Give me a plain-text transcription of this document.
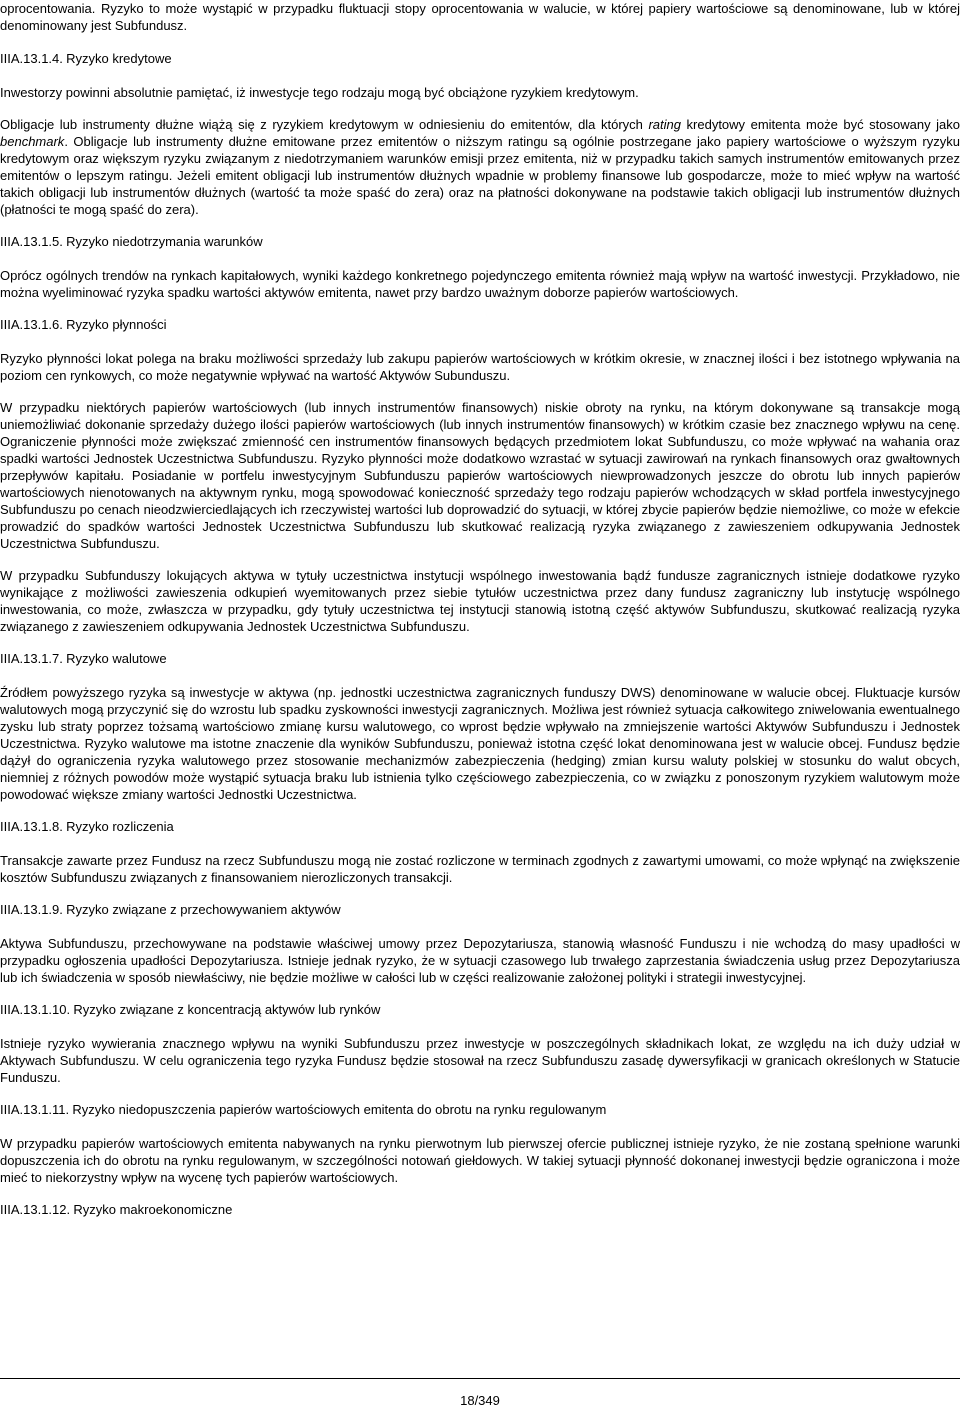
oprocentowania. Ryzyko to może wystąpić w przypadku fluktuacji stopy oprocentowania w walucie, w której papiery wartościowe są denominowane, lub w której denominowany jest Subfundusz.

IIIA.13.1.4. Ryzyko kredytowe

Inwestorzy powinni absolutnie pamiętać, iż inwestycje tego rodzaju mogą być obciążone ryzykiem kredytowym.

Obligacje lub instrumenty dłużne wiążą się z ryzykiem kredytowym w odniesieniu do emitentów, dla których rating kredytowy emitenta może być stosowany jako benchmark. Obligacje lub instrumenty dłużne emitowane przez emitentów o niższym ratingu są ogólnie postrzegane jako papiery wartościowe o wyższym ryzyku kredytowym oraz większym ryzyku związanym z niedotrzymaniem warunków emisji przez emitenta, niż w przypadku takich samych instrumentów emitowanych przez emitentów o lepszym ratingu. Jeżeli emitent obligacji lub instrumentów dłużnych wpadnie w problemy finansowe lub gospodarcze, może to mieć wpływ na wartość takich obligacji lub instrumentów dłużnych (wartość ta może spaść do zera) oraz na płatności dokonywane na podstawie takich obligacji lub instrumentów dłużnych (płatności te mogą spaść do zera).

IIIA.13.1.5. Ryzyko niedotrzymania warunków

Oprócz ogólnych trendów na rynkach kapitałowych, wyniki każdego konkretnego pojedynczego emitenta również mają wpływ na wartość inwestycji. Przykładowo, nie można wyeliminować ryzyka spadku wartości aktywów emitenta, nawet przy bardzo uważnym doborze papierów wartościowych.

IIIA.13.1.6. Ryzyko płynności

Ryzyko płynności lokat polega na braku możliwości sprzedaży lub zakupu papierów wartościowych w krótkim okresie, w znacznej ilości i bez istotnego wpływania na poziom cen rynkowych, co może negatywnie wpływać na wartość Aktywów Subunduszu.

W przypadku niektórych papierów wartościowych (lub innych instrumentów finansowych) niskie obroty na rynku, na którym dokonywane są transakcje mogą uniemożliwiać dokonanie sprzedaży dużego ilości papierów wartościowych (lub innych instrumentów finansowych) w krótkim czasie bez znacznego wpływu na cenę. Ograniczenie płynności może zwiększać zmienność cen instrumentów finansowych będących przedmiotem lokat Subfunduszu, co może wpływać na wahania oraz spadki wartości Jednostek Uczestnictwa Subfunduszu. Ryzyko płynności może dodatkowo wzrastać w sytuacji zawirowań na rynkach finansowych oraz gwałtownych przepływów kapitału. Posiadanie w portfelu inwestycyjnym Subfunduszu papierów wartościowych niewprowadzonych jeszcze do obrotu lub innych papierów wartościowych nienotowanych na aktywnym rynku, mogą spowodować konieczność sprzedaży tego rodzaju papierów wchodzących w skład portfela inwestycyjnego Subfunduszu po cenach nieodzwierciedlających ich rzeczywistej wartości lub doprowadzić do sytuacji, w której zbycie papierów będzie niemożliwe, co może w efekcie prowadzić do spadków wartości Jednostek Uczestnictwa Subfunduszu lub skutkować realizacją ryzyka związanego z zawieszeniem odkupywania Jednostek Uczestnictwa Subfunduszu.

W przypadku Subfunduszy lokujących aktywa w tytuły uczestnictwa instytucji wspólnego inwestowania bądź fundusze zagranicznych istnieje dodatkowe ryzyko wynikające z możliwości zawieszenia odkupień wyemitowanych przez siebie tytułów uczestnictwa przez dany fundusz zagraniczny lub instytucję wspólnego inwestowania, co może, zwłaszcza w przypadku, gdy tytuły uczestnictwa tej instytucji stanowią istotną część aktywów Subfunduszu, skutkować realizacją ryzyka związanego z zawieszeniem odkupywania Jednostek Uczestnictwa Subfunduszu.

IIIA.13.1.7. Ryzyko walutowe

Źródłem powyższego ryzyka są inwestycje w aktywa (np. jednostki uczestnictwa zagranicznych funduszy DWS) denominowane w walucie obcej. Fluktuacje kursów walutowych mogą przyczynić się do wzrostu lub spadku zyskowności inwestycji zagranicznych. Możliwa jest również sytuacja całkowitego zniwelowania ewentualnego zysku lub straty poprzez tożsamą wartościowo zmianę kursu walutowego, co wprost będzie wpływało na zmniejszenie wartości Aktywów Subfunduszu i Jednostek Uczestnictwa. Ryzyko walutowe ma istotne znaczenie dla wyników Subfunduszu, ponieważ istotna część lokat denominowana jest w walucie obcej. Fundusz będzie dążył do ograniczenia ryzyka walutowego przez stosowanie mechanizmów zabezpieczenia (hedging) zmian kursu waluty polskiej w stosunku do walut obcych, niemniej z różnych powodów może wystąpić sytuacja braku lub istnienia tylko częściowego zabezpieczenia, co w związku z ponoszonym ryzykiem walutowym może powodować większe zmiany wartości Jednostki Uczestnictwa.

IIIA.13.1.8. Ryzyko rozliczenia

Transakcje zawarte przez Fundusz na rzecz Subfunduszu mogą nie zostać rozliczone w terminach zgodnych z zawartymi umowami, co może wpłynąć na zwiększenie kosztów Subfunduszu związanych z finansowaniem nierozliczonych transakcji.

IIIA.13.1.9. Ryzyko związane z przechowywaniem aktywów

Aktywa Subfunduszu, przechowywane na podstawie właściwej umowy przez Depozytariusza, stanowią własność Funduszu i nie wchodzą do masy upadłości w przypadku ogłoszenia upadłości Depozytariusza. Istnieje jednak ryzyko, że w sytuacji czasowego lub trwałego zaprzestania świadczenia usług przez Depozytariusza lub ich świadczenia w sposób niewłaściwy, nie będzie możliwe w całości lub w części realizowanie założonej polityki i strategii inwestycyjnej.

IIIA.13.1.10. Ryzyko związane z koncentracją aktywów lub rynków

Istnieje ryzyko wywierania znacznego wpływu na wyniki Subfunduszu przez inwestycje w poszczególnych składnikach lokat, ze względu na ich duży udział w Aktywach Subfunduszu. W celu ograniczenia tego ryzyka Fundusz będzie stosował na rzecz Subfunduszu zasadę dywersyfikacji w granicach określonych w Statucie Funduszu.

IIIA.13.1.11. Ryzyko niedopuszczenia papierów wartościowych emitenta do obrotu na rynku regulowanym

W przypadku papierów wartościowych emitenta nabywanych na rynku pierwotnym lub pierwszej ofercie publicznej istnieje ryzyko, że nie zostaną spełnione warunki dopuszczenia ich do obrotu na rynku regulowanym, w szczególności notowań giełdowych. W takiej sytuacji płynność dokonanej inwestycji będzie ograniczona i może mieć to niekorzystny wpływ na wycenę tych papierów wartościowych.

IIIA.13.1.12. Ryzyko makroekonomiczne
18/349
